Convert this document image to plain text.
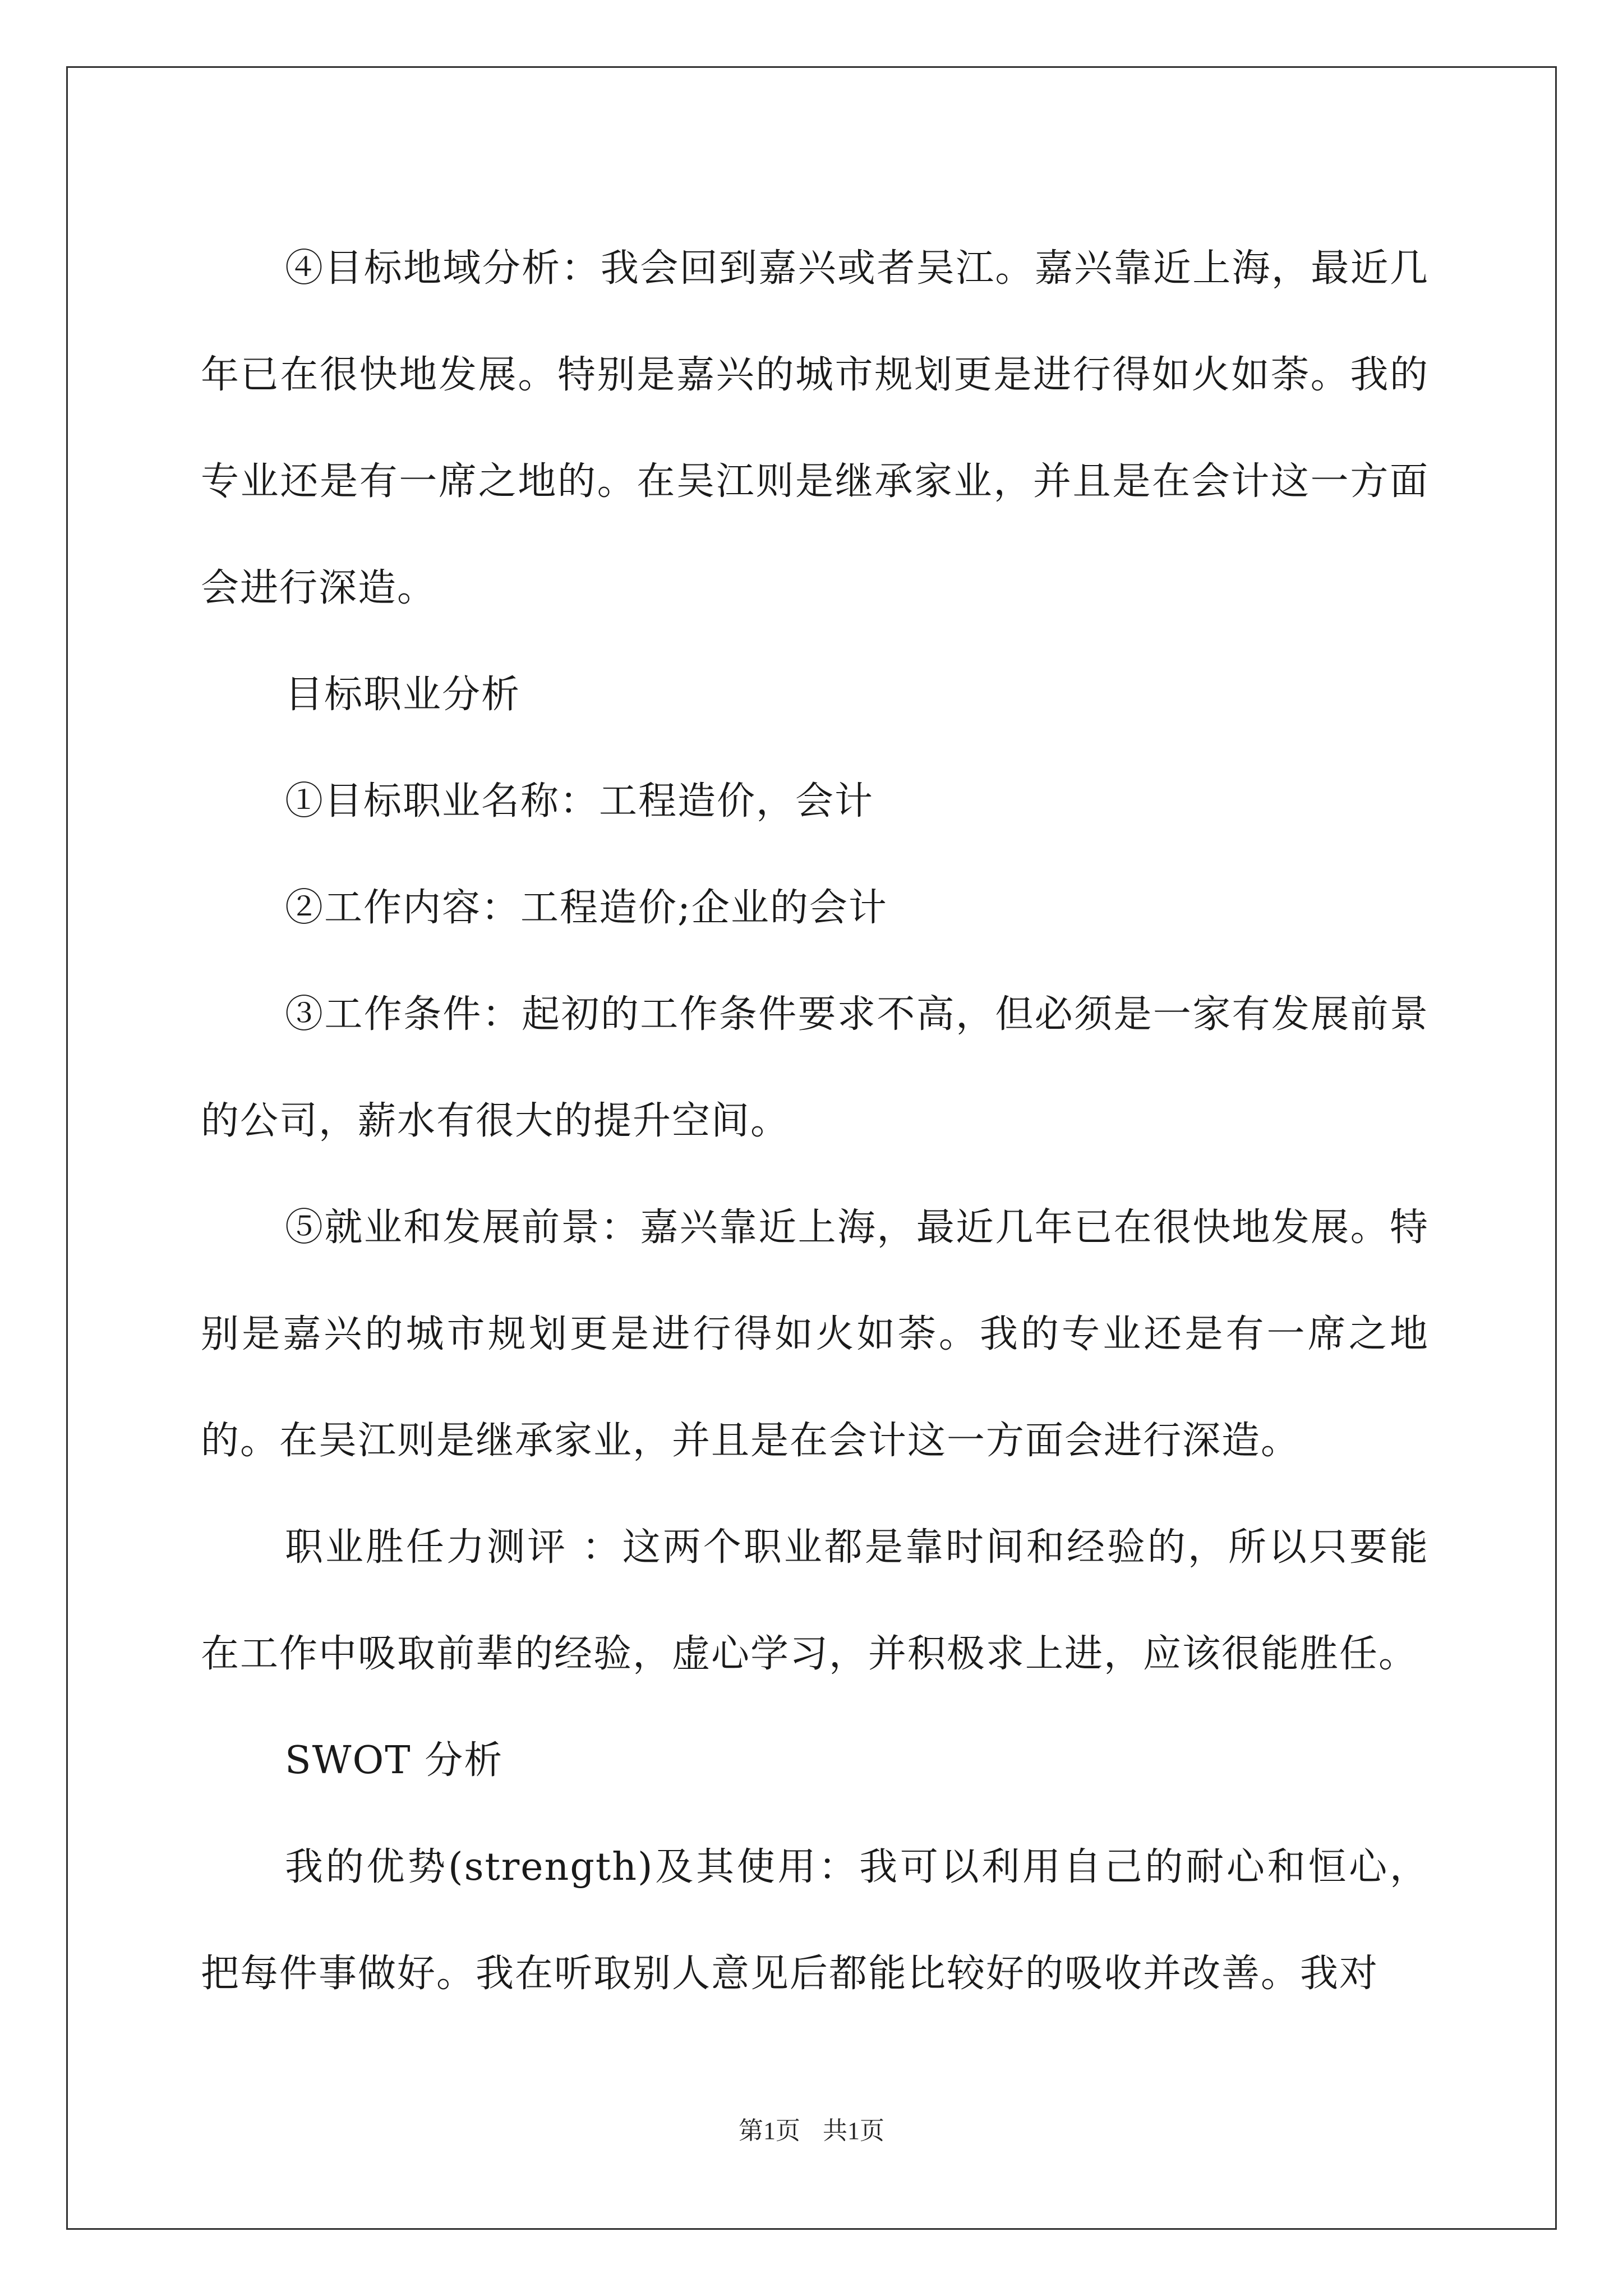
④目标地域分析：我会回到嘉兴或者吴江。嘉兴靠近上海，最近几年已在很快地发展。特别是嘉兴的城市规划更是进行得如火如荼。我的专业还是有一席之地的。在吴江则是继承家业，并且是在会计这一方面会进行深造。

目标职业分析

①目标职业名称：工程造价，会计

②工作内容：工程造价;企业的会计

③工作条件：起初的工作条件要求不高，但必须是一家有发展前景的公司，薪水有很大的提升空间。

⑤就业和发展前景：嘉兴靠近上海，最近几年已在很快地发展。特别是嘉兴的城市规划更是进行得如火如荼。我的专业还是有一席之地的。在吴江则是继承家业，并且是在会计这一方面会进行深造。

职业胜任力测评 ：这两个职业都是靠时间和经验的，所以只要能在工作中吸取前辈的经验，虚心学习，并积极求上进，应该很能胜任。

SWOT 分析

我的优势(strength)及其使用：我可以利用自己的耐心和恒心，把每件事做好。我在听取别人意见后都能比较好的吸收并改善。我对

第1页 共1页
